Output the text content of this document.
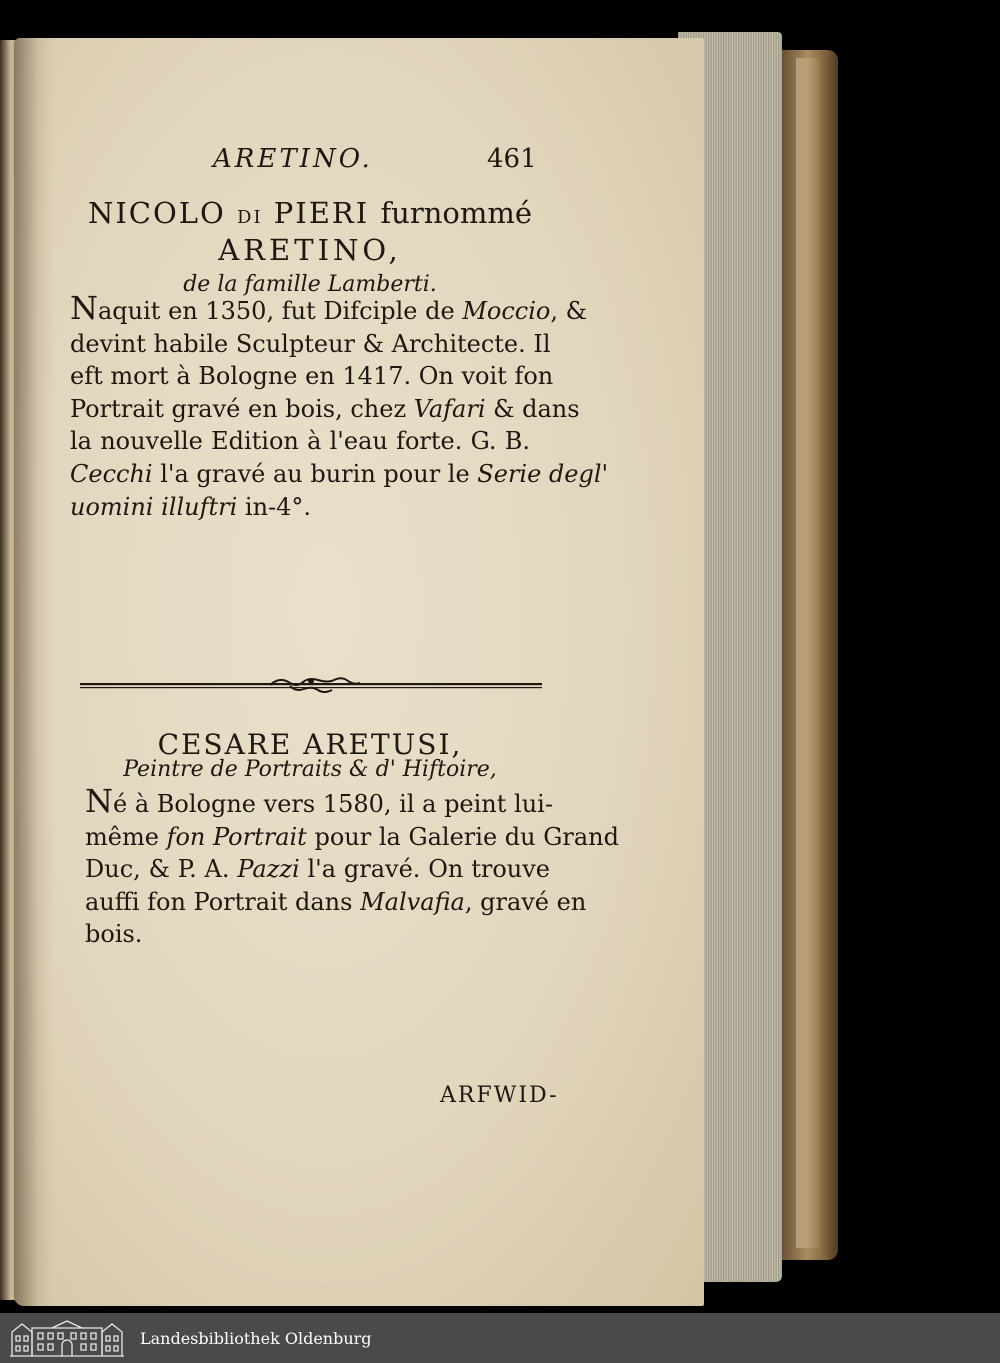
ARETINO.	461
NICOLO DI PIERI furnommé
ARETINO,
de la famille Lamberti.
Naquit en 1350, fut Difciple de Moccio, &
devint habile Sculpteur & Architecte. Il
eft mort à Bologne en 1417. On voit fon
Portrait gravé en bois, chez Vafari & dans
la nouvelle Edition à l'eau forte. G. B.
Cecchi l'a gravé au burin pour le Serie degl'
uomini illuftri in-4°.
CESARE ARETUSI,
Peintre de Portraits & d' Hiftoire,
Né à Bologne vers 1580, il a peint lui-
même fon Portrait pour la Galerie du Grand
Duc, & P. A. Pazzi l'a gravé. On trouve
auffi fon Portrait dans Malvafia, gravé en
bois.
ARFWID-
Landesbibliothek Oldenburg
